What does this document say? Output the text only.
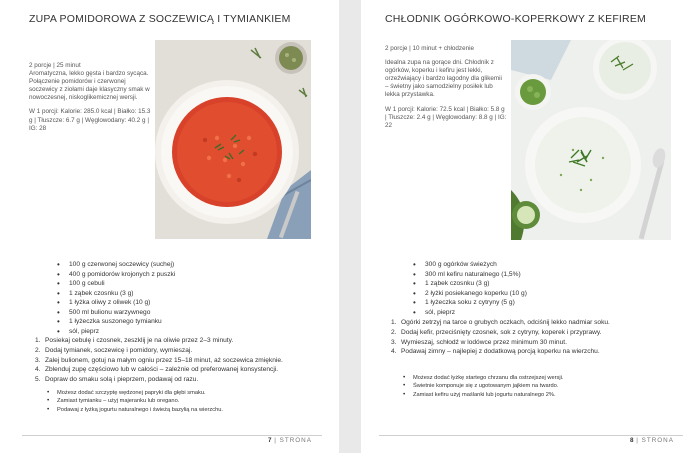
ZUPA POMIDOROWA Z SOCZEWICĄ I TYMIANKIEM

2 porcje | 25 minut

Aromatyczna, lekko gęsta i bardzo sycąca. Połączenie pomidorów i czerwonej soczewicy z ziołami daje klasyczny smak w nowoczesnej, niskoglikemicznej wersji.

W 1 porcji: Kalorie: 285.0 kcal | Białko: 15.3 g | Tłuszcze: 6.7 g | Węglowodany: 40.2 g | IG: 28

• 100 g czerwonej soczewicy (suchej)
• 400 g pomidorów krojonych z puszki
• 100 g cebuli
• 1 ząbek czosnku (3 g)
• 1 łyżka oliwy z oliwek (10 g)
• 500 ml bulionu warzywnego
• 1 łyżeczka suszonego tymianku
• sól, pieprz
1. Posiekaj cebulę i czosnek, zeszklij je na oliwie przez 2–3 minuty.
2. Dodaj tymianek, soczewicę i pomidory, wymieszaj.
3. Zalej bulionem, gotuj na małym ogniu przez 15–18 minut, aż soczewica zmięknie.
4. Zblenduj zupę częściowo lub w całości – zależnie od preferowanej konsystencji.
5. Dopraw do smaku solą i pieprzem, podawaj od razu.
• Możesz dodać szczyptę wędzonej papryki dla głębi smaku.
• Zamiast tymianku – użyj majeranku lub oregano.
• Podawaj z łyżką jogurtu naturalnego i świeżą bazylią na wierzchu.
7 | STRONA
CHŁODNIK OGÓRKOWO-KOPERKOWY Z KEFIREM

2 porcje | 10 minut + chłodzenie

Idealna zupa na gorące dni. Chłodnik z ogórków, koperku i kefiru jest lekki, orzeźwiający i bardzo łagodny dla glikemii – świetny jako samodzielny posiłek lub lekka przystawka.

W 1 porcji: Kalorie: 72.5 kcal | Białko: 5.8 g | Tłuszcze: 2.4 g | Węglowodany: 8.8 g | IG: 22

• 300 g ogórków świeżych
• 300 ml kefiru naturalnego (1,5%)
• 1 ząbek czosnku (3 g)
• 2 łyżki posiekanego koperku (10 g)
• 1 łyżeczka soku z cytryny (5 g)
• sól, pieprz
1. Ogórki zetrzyj na tarce o grubych oczkach, odciśnij lekko nadmiar soku.
2. Dodaj kefir, przeciśnięty czosnek, sok z cytryny, koperek i przyprawy.
3. Wymieszaj, schłodź w lodówce przez minimum 30 minut.
4. Podawaj zimny – najlepiej z dodatkową porcją koperku na wierzchu.
• Możesz dodać łyżkę startego chrzanu dla ostrzejszej wersji.
• Świetnie komponuje się z ugotowanym jajkiem na twardo.
• Zamiast kefiru użyj maślanki lub jogurtu naturalnego 2%.
8 | STRONA
